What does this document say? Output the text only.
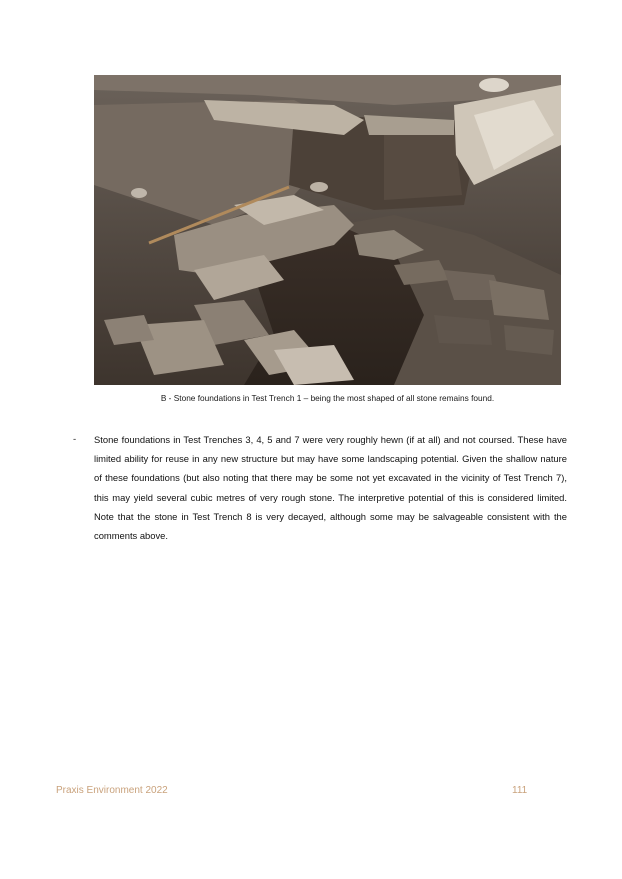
B - Stone foundations in Test Trench 1 – being the most shaped of all stone remains found.
- Stone foundations in Test Trenches 3, 4, 5 and 7 were very roughly hewn (if at all) and not coursed. These have limited ability for reuse in any new structure but may have some landscaping potential. Given the shallow nature of these foundations (but also noting that there may be some not yet excavated in the vicinity of Test Trench 7), this may yield several cubic metres of very rough stone. The interpretive potential of this is considered limited. Note that the stone in Test Trench 8 is very decayed, although some may be salvageable consistent with the comments above.
Praxis Environment 2022	111
